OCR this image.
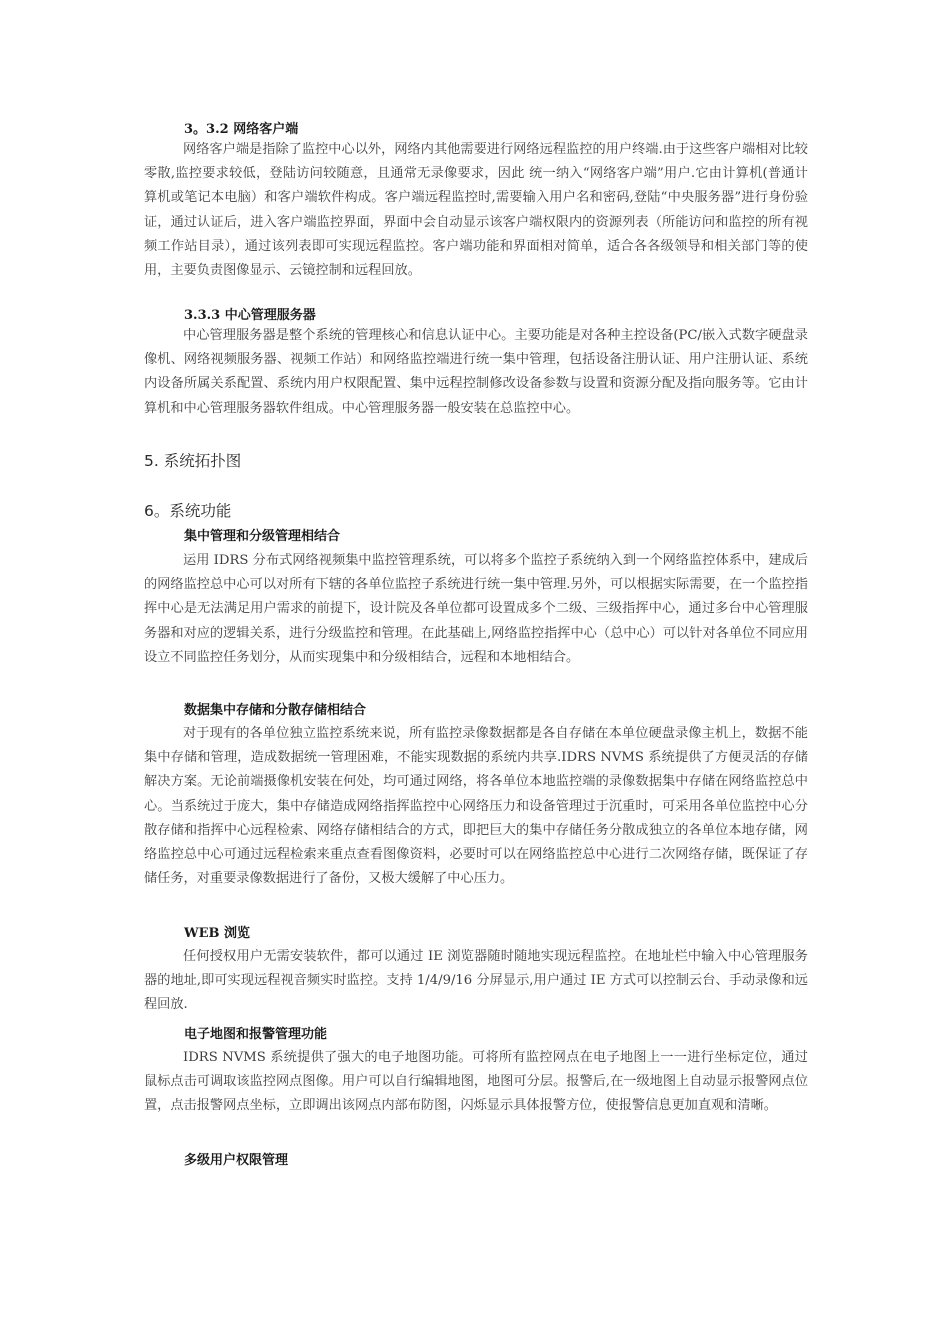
3。3.2 网络客户端

网络客户端是指除了监控中心以外，网络内其他需要进行网络远程监控的用户终端.由于这些客户端相对比较零散,监控要求较低，登陆访问较随意，且通常无录像要求，因此 统一纳入“网络客户端”用户.它由计算机(普通计算机或笔记本电脑）和客户端软件构成。客户端远程监控时,需要输入用户名和密码,登陆“中央服务器”进行身份验证，通过认证后，进入客户端监控界面，界面中会自动显示该客户端权限内的资源列表（所能访问和监控的所有视频工作站目录），通过该列表即可实现远程监控。客户端功能和界面相对简单，适合各各级领导和相关部门等的使用，主要负责图像显示、云镜控制和远程回放。

3.3.3 中心管理服务器

中心管理服务器是整个系统的管理核心和信息认证中心。主要功能是对各种主控设备(PC/嵌入式数字硬盘录像机、网络视频服务器、视频工作站）和网络监控端进行统一集中管理，包括设备注册认证、用户注册认证、系统内设备所属关系配置、系统内用户权限配置、集中远程控制修改设备参数与设置和资源分配及指向服务等。它由计算机和中心管理服务器软件组成。中心管理服务器一般安装在总监控中心。

5. 系统拓扑图
6。系统功能
集中管理和分级管理相结合

运用 IDRS 分布式网络视频集中监控管理系统，可以将多个监控子系统纳入到一个网络监控体系中，建成后的网络监控总中心可以对所有下辖的各单位监控子系统进行统一集中管理.另外，可以根据实际需要，在一个监控指挥中心是无法满足用户需求的前提下，设计院及各单位都可设置成多个二级、三级指挥中心，通过多台中心管理服务器和对应的逻辑关系，进行分级监控和管理。在此基础上,网络监控指挥中心（总中心）可以针对各单位不同应用设立不同监控任务划分，从而实现集中和分级相结合，远程和本地相结合。

数据集中存储和分散存储相结合

对于现有的各单位独立监控系统来说，所有监控录像数据都是各自存储在本单位硬盘录像主机上，数据不能集中存储和管理，造成数据统一管理困难，不能实现数据的系统内共享.IDRS NVMS 系统提供了方便灵活的存储解决方案。无论前端摄像机安装在何处，均可通过网络，将各单位本地监控端的录像数据集中存储在网络监控总中心。当系统过于庞大，集中存储造成网络指挥监控中心网络压力和设备管理过于沉重时，可采用各单位监控中心分散存储和指挥中心远程检索、网络存储相结合的方式，即把巨大的集中存储任务分散成独立的各单位本地存储，网络监控总中心可通过远程检索来重点查看图像资料，必要时可以在网络监控总中心进行二次网络存储，既保证了存储任务，对重要录像数据进行了备份，又极大缓解了中心压力。

WEB 浏览

任何授权用户无需安装软件，都可以通过 IE 浏览器随时随地实现远程监控。在地址栏中输入中心管理服务器的地址,即可实现远程视音频实时监控。支持 1/4/9/16 分屏显示,用户通过 IE 方式可以控制云台、手动录像和远程回放.

电子地图和报警管理功能

IDRS NVMS 系统提供了强大的电子地图功能。可将所有监控网点在电子地图上一一进行坐标定位，通过鼠标点击可调取该监控网点图像。用户可以自行编辑地图，地图可分层。报警后,在一级地图上自动显示报警网点位置，点击报警网点坐标，立即调出该网点内部布防图，闪烁显示具体报警方位，使报警信息更加直观和清晰。

多级用户权限管理
